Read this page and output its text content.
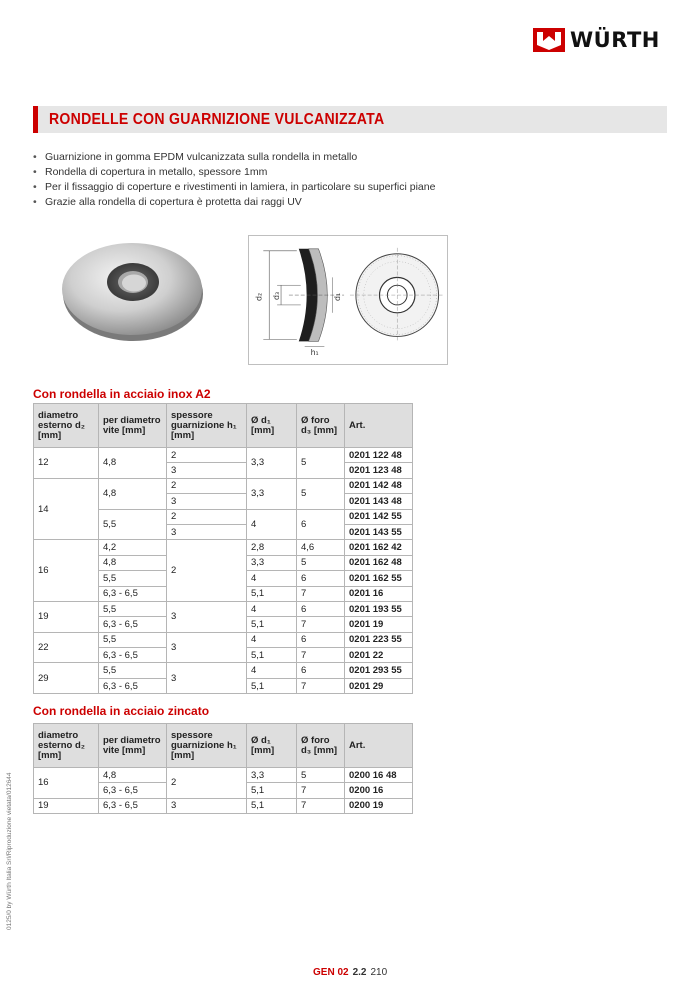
WÜRTH
RONDELLE CON GUARNIZIONE VULCANIZZATA
• Guarnizione in gomma EPDM vulcanizzata sulla rondella in metallo
• Rondella di copertura in metallo, spessore 1mm
• Per il fissaggio di coperture e rivestimenti in lamiera, in particolare su superfici piane
• Grazie alla rondella di copertura è protetta dai raggi UV
d₂ d₃
h₁
d₁
Con rondella in acciaio inox A2
diametro esterno d₂ [mm]	per diametro vite [mm]	spessore guarnizione h₁ [mm]	Ø d₁ [mm]	Ø foro d₃ [mm]	Art.
12	4,8	2	3,3	5	0201 122 48
		3			0201 123 48
14	4,8	2	3,3	5	0201 142 48
		3			0201 143 48
	5,5	2	4	6	0201 142 55
		3			0201 143 55
16	4,2	2	2,8	4,6	0201 162 42
	4,8		3,3	5	0201 162 48
	5,5		4	6	0201 162 55
	6,3 - 6,5		5,1	7	0201 16
19	5,5	3	4	6	0201 193 55
	6,3 - 6,5		5,1	7	0201 19
22	5,5	3	4	6	0201 223 55
	6,3 - 6,5		5,1	7	0201 22
29	5,5	3	4	6	0201 293 55
	6,3 - 6,5		5,1	7	0201 29
Con rondella in acciaio zincato
diametro esterno d₂ [mm]	per diametro vite [mm]	spessore guarnizione h₁ [mm]	Ø d₁ [mm]	Ø foro d₃ [mm]	Art.
16	4,8	2	3,3	5	0200 16 48
	6,3 - 6,5		5,1	7	0200 16
19	6,3 - 6,5	3	5,1	7	0200 19
0125/0 by Würth Italia Srl/Riproduzione vietata/012644
GEN 02 2.2 210
